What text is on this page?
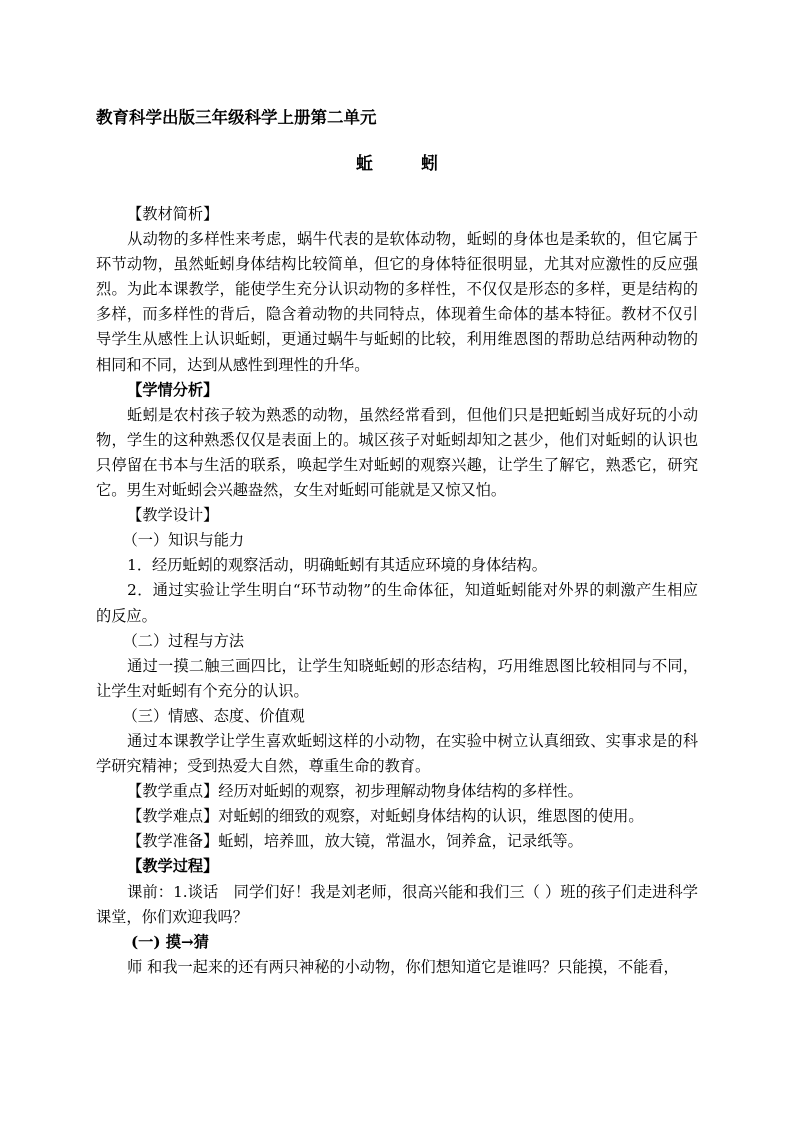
教育科学出版三年级科学上册第二单元
蚯	蚓

【教材简析】

从动物的多样性来考虑，蜗牛代表的是软体动物，蚯蚓的身体也是柔软的，但它属于环节动物，虽然蚯蚓身体结构比较简单，但它的身体特征很明显，尤其对应激性的反应强烈。为此本课教学，能使学生充分认识动物的多样性，不仅仅是形态的多样，更是结构的多样，而多样性的背后，隐含着动物的共同特点，体现着生命体的基本特征。教材不仅引导学生从感性上认识蚯蚓，更通过蜗牛与蚯蚓的比较，利用维恩图的帮助总结两种动物的相同和不同，达到从感性到理性的升华。

【学情分析】

蚯蚓是农村孩子较为熟悉的动物，虽然经常看到，但他们只是把蚯蚓当成好玩的小动物，学生的这种熟悉仅仅是表面上的。城区孩子对蚯蚓却知之甚少，他们对蚯蚓的认识也只停留在书本与生活的联系，唤起学生对蚯蚓的观察兴趣，让学生了解它，熟悉它，研究它。男生对蚯蚓会兴趣盎然，女生对蚯蚓可能就是又惊又怕。

【教学设计】

（一）知识与能力

1．经历蚯蚓的观察活动，明确蚯蚓有其适应环境的身体结构。

2．通过实验让学生明白“环节动物”的生命体征，知道蚯蚓能对外界的刺激产生相应的反应。

（二）过程与方法

通过一摸二触三画四比，让学生知晓蚯蚓的形态结构，巧用维恩图比较相同与不同，让学生对蚯蚓有个充分的认识。

（三）情感、态度、价值观

通过本课教学让学生喜欢蚯蚓这样的小动物，在实验中树立认真细致、实事求是的科学研究精神；受到热爱大自然，尊重生命的教育。

【教学重点】经历对蚯蚓的观察，初步理解动物身体结构的多样性。

【教学难点】对蚯蚓的细致的观察，对蚯蚓身体结构的认识，维恩图的使用。

【教学准备】蚯蚓，培养皿，放大镜，常温水，饲养盒，记录纸等。

【教学过程】

课前：1.谈话　同学们好！我是刘老师，很高兴能和我们三（ ）班的孩子们走进科学课堂，你们欢迎我吗？

(一) 摸→猜

师 和我一起来的还有两只神秘的小动物，你们想知道它是谁吗？只能摸，不能看，
